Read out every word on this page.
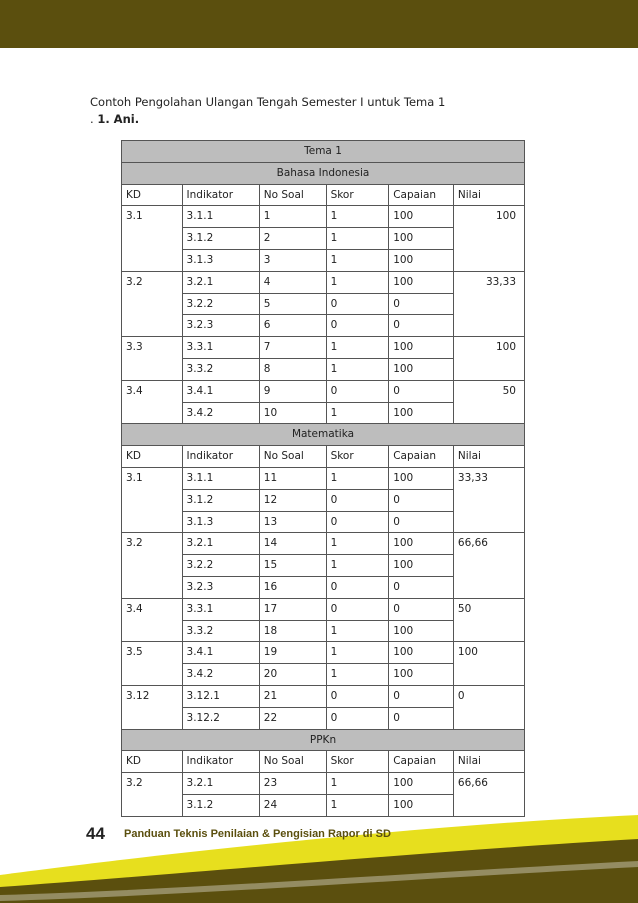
Contoh Pengolahan Ulangan Tengah Semester I untuk Tema 1
. 1. Ani.
Tema 1					
Bahasa Indonesia					
KD	Indikator	No Soal	Skor	Capaian	Nilai
3.1	3.1.1	1	1	100	100
	3.1.2	2	1	100	
	3.1.3	3	1	100	
3.2	3.2.1	4	1	100	33,33
	3.2.2	5	0	0	
	3.2.3	6	0	0	
3.3	3.3.1	7	1	100	100
	3.3.2	8	1	100	
3.4	3.4.1	9	0	0	50
	3.4.2	10	1	100	
Matematika					
KD	Indikator	No Soal	Skor	Capaian	Nilai
3.1	3.1.1	11	1	100	33,33
	3.1.2	12	0	0	
	3.1.3	13	0	0	
3.2	3.2.1	14	1	100	66,66
	3.2.2	15	1	100	
	3.2.3	16	0	0	
3.4	3.3.1	17	0	0	50
	3.3.2	18	1	100	
3.5	3.4.1	19	1	100	100
	3.4.2	20	1	100	
3.12	3.12.1	21	0	0	0
	3.12.2	22	0	0	
PPKn					
KD	Indikator	No Soal	Skor	Capaian	Nilai
3.2	3.2.1	23	1	100	66,66
	3.1.2	24	1	100	
44 Panduan Teknis Penilaian & Pengisian Rapor di SD
